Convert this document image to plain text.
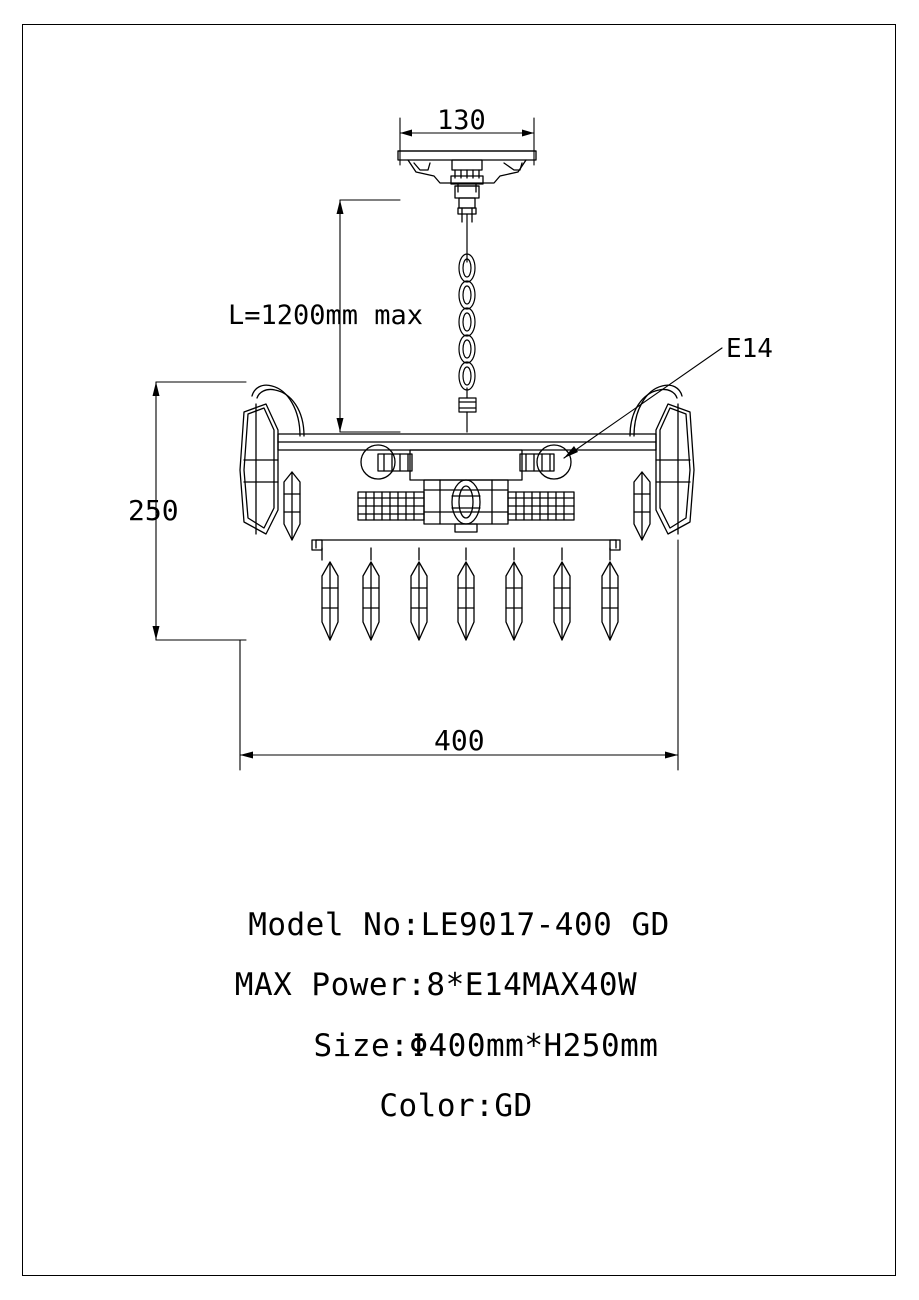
130
L=1200mm max
250
400
E14
Model No:LE9017-400 GD
MAX Power:8*E14MAX40W
Size:Φ400mm*H250mm
Color:GD
